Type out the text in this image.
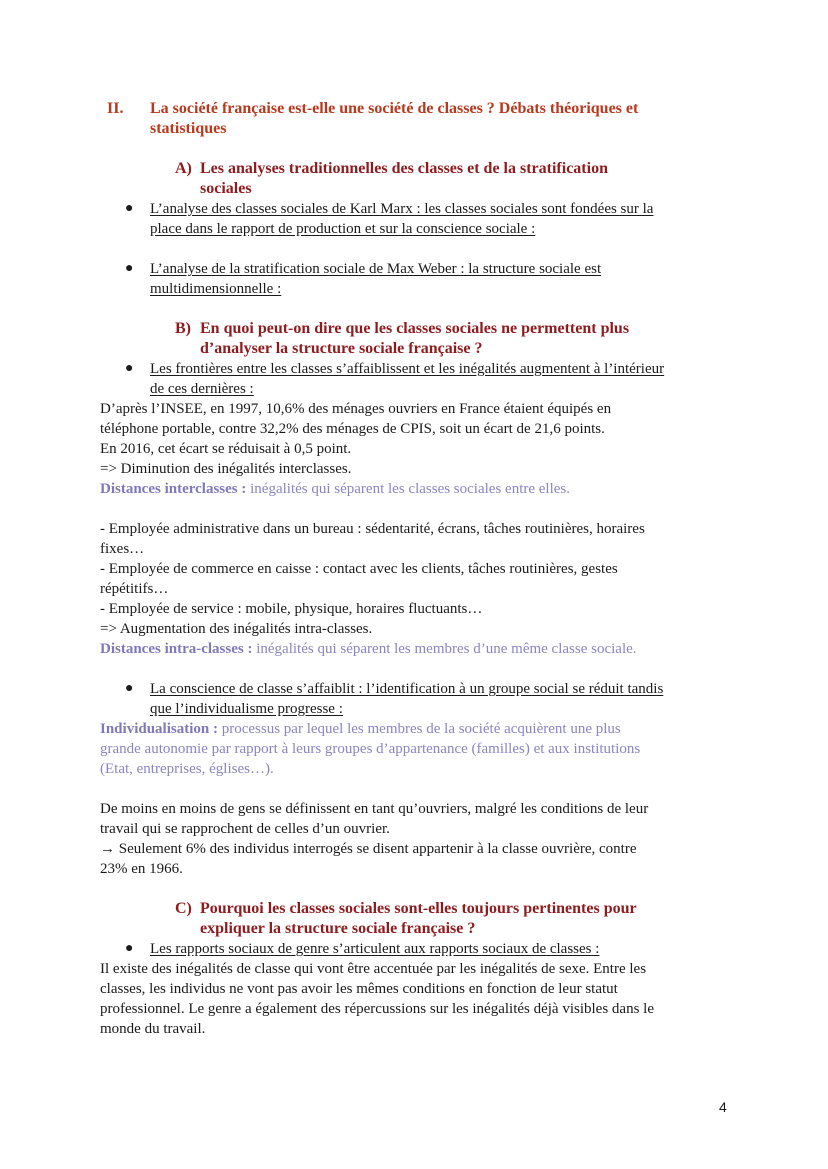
II. La société française est-elle une société de classes ? Débats théoriques et
statistiques
A) Les analyses traditionnelles des classes et de la stratification
sociales
● L’analyse des classes sociales de Karl Marx : les classes sociales sont fondées sur la
place dans le rapport de production et sur la conscience sociale :
● L’analyse de la stratification sociale de Max Weber : la structure sociale est
multidimensionnelle :
B) En quoi peut-on dire que les classes sociales ne permettent plus
d’analyser la structure sociale française ?
● Les frontières entre les classes s’affaiblissent et les inégalités augmentent à l’intérieur
de ces dernières :
D’après l’INSEE, en 1997, 10,6% des ménages ouvriers en France étaient équipés en
téléphone portable, contre 32,2% des ménages de CPIS, soit un écart de 21,6 points.
En 2016, cet écart se réduisait à 0,5 point.
=> Diminution des inégalités interclasses.
Distances interclasses : inégalités qui séparent les classes sociales entre elles.
- Employée administrative dans un bureau : sédentarité, écrans, tâches routinières, horaires
fixes…
- Employée de commerce en caisse : contact avec les clients, tâches routinières, gestes
répétitifs…
- Employée de service : mobile, physique, horaires fluctuants…
=> Augmentation des inégalités intra-classes.
Distances intra-classes : inégalités qui séparent les membres d’une même classe sociale.
● La conscience de classe s’affaiblit : l’identification à un groupe social se réduit tandis
que l’individualisme progresse :
Individualisation : processus par lequel les membres de la société acquièrent une plus
grande autonomie par rapport à leurs groupes d’appartenance (familles) et aux institutions
(Etat, entreprises, églises…).
De moins en moins de gens se définissent en tant qu’ouvriers, malgré les conditions de leur
travail qui se rapprochent de celles d’un ouvrier.
→ Seulement 6% des individus interrogés se disent appartenir à la classe ouvrière, contre
23% en 1966.
C) Pourquoi les classes sociales sont-elles toujours pertinentes pour
expliquer la structure sociale française ?
● Les rapports sociaux de genre s’articulent aux rapports sociaux de classes :
Il existe des inégalités de classe qui vont être accentuée par les inégalités de sexe. Entre les
classes, les individus ne vont pas avoir les mêmes conditions en fonction de leur statut
professionnel. Le genre a également des répercussions sur les inégalités déjà visibles dans le
monde du travail.
4
